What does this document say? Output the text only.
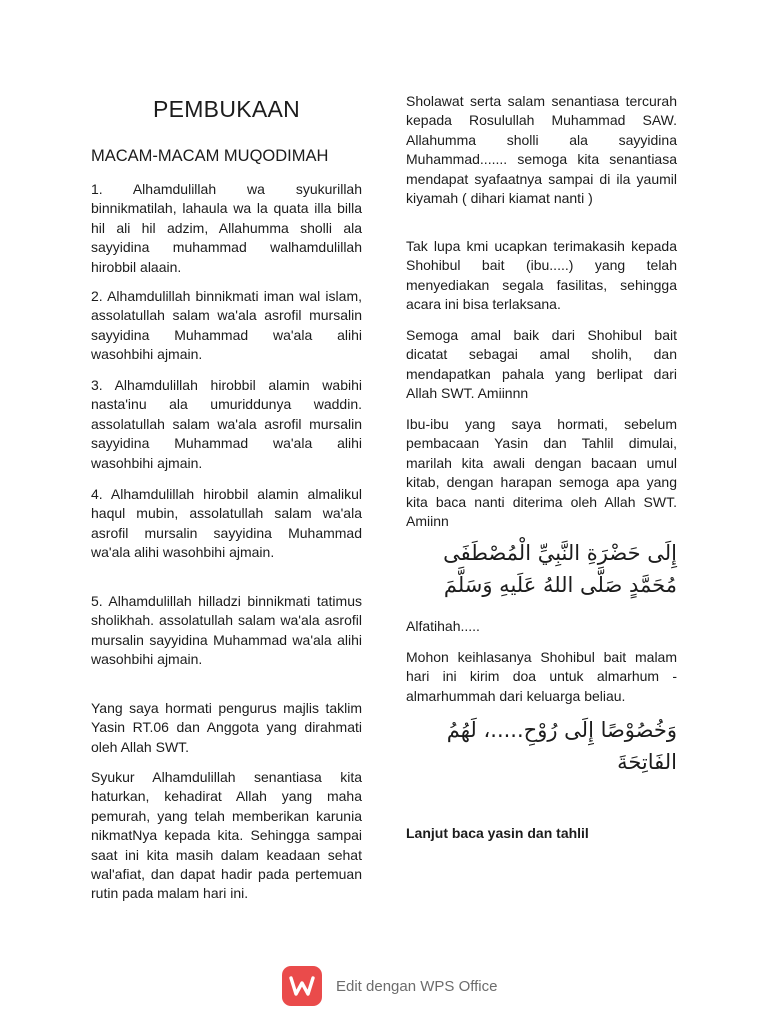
PEMBUKAAN
MACAM-MACAM MUQODIMAH

1. Alhamdulillah wa syukurillah binnikmatilah, lahaula wa la quata illa billa hil ali hil adzim, Allahumma sholli ala sayyidina muhammad walhamdulillah hirobbil alaain.

2. Alhamdulillah binnikmati iman wal islam, assolatullah salam wa'ala asrofil mursalin sayyidina Muhammad wa'ala alihi wasohbihi ajmain.

3. Alhamdulillah hirobbil alamin wabihi nasta'inu ala umuriddunya waddin. assolatullah salam wa'ala asrofil mursalin sayyidina Muhammad wa'ala alihi wasohbihi ajmain.

4. Alhamdulillah hirobbil alamin almalikul haqul mubin, assolatullah salam wa'ala asrofil mursalin sayyidina Muhammad wa'ala alihi wasohbihi ajmain.

5. Alhamdulillah hilladzi binnikmati tatimus sholikhah. assolatullah salam wa'ala asrofil mursalin sayyidina Muhammad wa'ala alihi wasohbihi ajmain.

Yang saya hormati pengurus majlis taklim Yasin RT.06 dan Anggota yang dirahmati oleh Allah SWT.

Syukur Alhamdulillah senantiasa kita haturkan, kehadirat Allah yang maha pemurah, yang telah memberikan karunia nikmatNya kepada kita. Sehingga sampai saat ini kita masih dalam keadaan sehat wal'afiat, dan dapat hadir pada pertemuan rutin pada malam hari ini.

Sholawat serta salam senantiasa tercurah kepada Rosulullah Muhammad SAW. Allahumma sholli ala sayyidina Muhammad....... semoga kita senantiasa mendapat syafaatnya sampai di ila yaumil kiyamah ( dihari kiamat nanti )

Tak lupa kmi ucapkan terimakasih kepada Shohibul bait (ibu.....) yang telah menyediakan segala fasilitas, sehingga acara ini bisa terlaksana.

Semoga amal baik dari Shohibul bait dicatat sebagai amal sholih, dan mendapatkan pahala yang berlipat dari Allah SWT. Amiinnn

Ibu-ibu yang saya hormati, sebelum pembacaan Yasin dan Tahlil dimulai, marilah kita awali dengan bacaan umul kitab, dengan harapan semoga apa yang kita baca nanti diterima oleh Allah SWT. Amiinn

إِلَى حَضْرَةِ النَّبِيِّ الْمُصْطَفَى

مُحَمَّدٍ صَلَّى اللهُ عَلَيهِ وَسَلَّمَ

Alfatihah.....

Mohon keihlasanya Shohibul bait malam hari ini kirim doa untuk almarhum - almarhummah dari keluarga beliau.

وَخُصُوْصًا إِلَى رُوْحِ.....، لَهُمُ

الفَاتِحَةَ

Lanjut baca yasin dan tahlil

Edit dengan WPS Office
